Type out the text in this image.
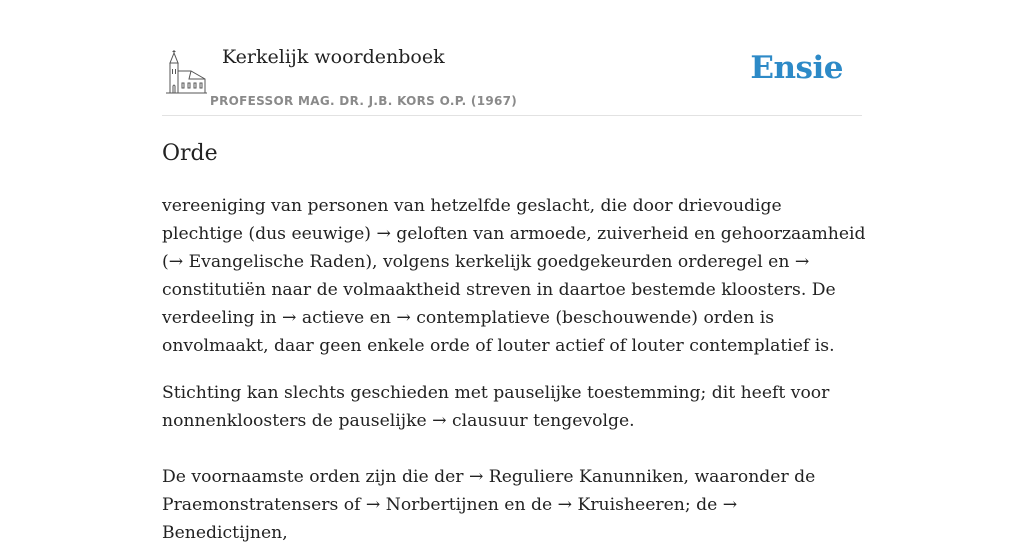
Kerkelijk woordenboek
PROFESSOR MAG. DR. J.B. KORS O.P. (1967)
Ensie
Orde

vereeniging van personen van hetzelfde geslacht, die door drievoudige plechtige (dus eeuwige) → geloften van armoede, zuiverheid en gehoorzaamheid (→ Evangelische Raden), volgens kerkelijk goedgekeurden orderegel en → constitutiën naar de volmaaktheid streven in daartoe bestemde kloosters. De verdeeling in → actieve en → contemplatieve (beschouwende) orden is onvolmaakt, daar geen enkele orde of louter actief of louter contemplatief is.

Stichting kan slechts geschieden met pauselijke toestemming; dit heeft voor nonnenkloosters de pauselijke → clausuur tengevolge.

De voornaamste orden zijn die der → Reguliere Kanunniken, waaronder de Praemonstratensers of → Norbertijnen en de → Kruisheeren; de → Benedictijnen,
